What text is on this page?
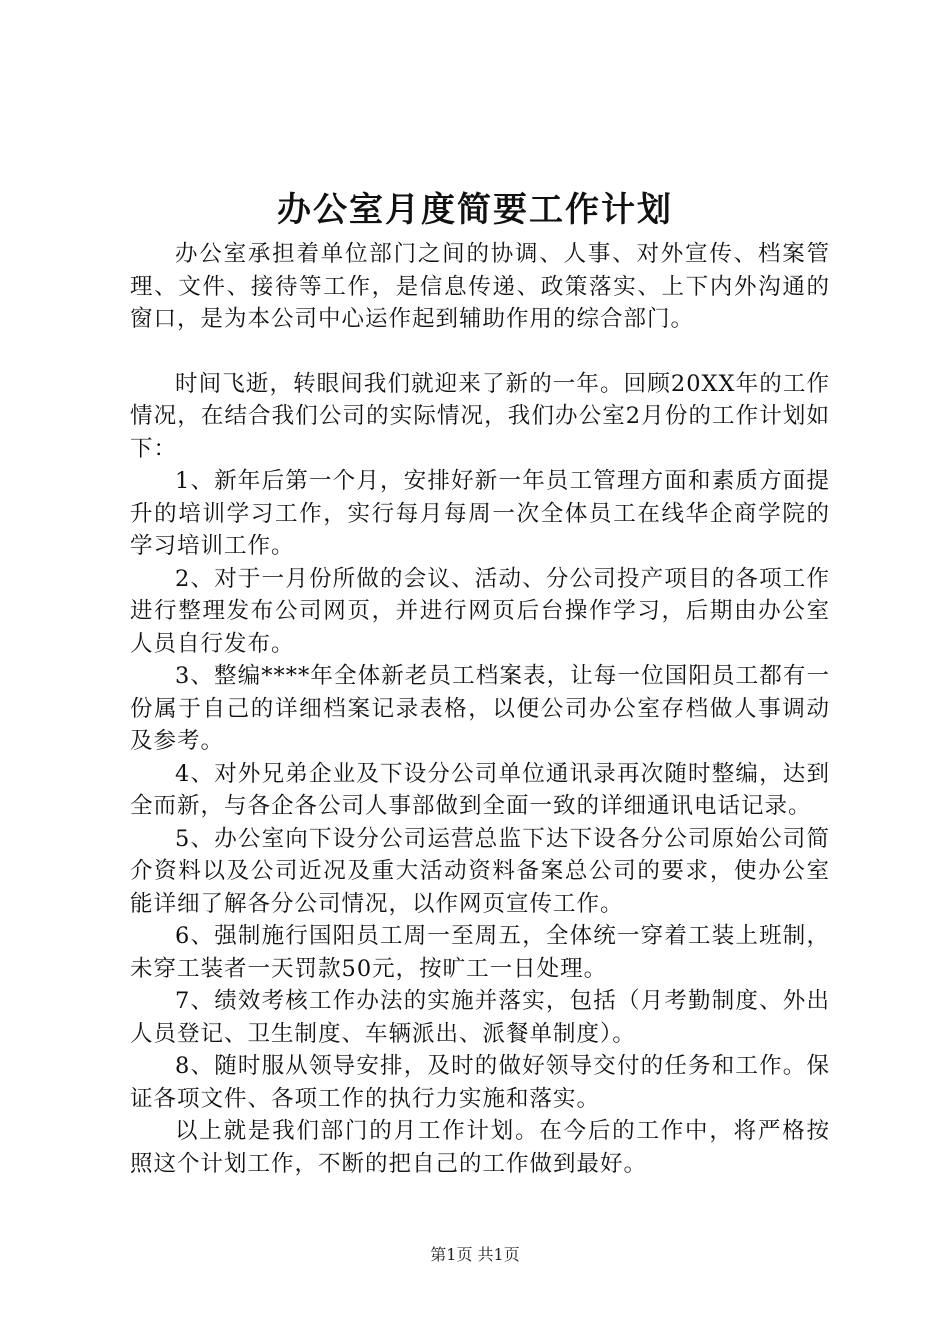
办公室月度简要工作计划

办公室承担着单位部门之间的协调、人事、对外宣传、档案管理、文件、接待等工作，是信息传递、政策落实、上下内外沟通的窗口，是为本公司中心运作起到辅助作用的综合部门。

时间飞逝，转眼间我们就迎来了新的一年。回顾20XX年的工作情况，在结合我们公司的实际情况，我们办公室2月份的工作计划如下：

1、新年后第一个月，安排好新一年员工管理方面和素质方面提升的培训学习工作，实行每月每周一次全体员工在线华企商学院的学习培训工作。

2、对于一月份所做的会议、活动、分公司投产项目的各项工作进行整理发布公司网页，并进行网页后台操作学习，后期由办公室人员自行发布。

3、整编****年全体新老员工档案表，让每一位国阳员工都有一份属于自己的详细档案记录表格，以便公司办公室存档做人事调动及参考。

4、对外兄弟企业及下设分公司单位通讯录再次随时整编，达到全而新，与各企各公司人事部做到全面一致的详细通讯电话记录。

5、办公室向下设分公司运营总监下达下设各分公司原始公司简介资料以及公司近况及重大活动资料备案总公司的要求，使办公室能详细了解各分公司情况，以作网页宣传工作。

6、强制施行国阳员工周一至周五，全体统一穿着工装上班制，未穿工装者一天罚款50元，按旷工一日处理。

7、绩效考核工作办法的实施并落实，包括（月考勤制度、外出人员登记、卫生制度、车辆派出、派餐单制度）。

8、随时服从领导安排，及时的做好领导交付的任务和工作。保证各项文件、各项工作的执行力实施和落实。

以上就是我们部门的月工作计划。在今后的工作中，将严格按照这个计划工作，不断的把自己的工作做到最好。

第1页 共1页
